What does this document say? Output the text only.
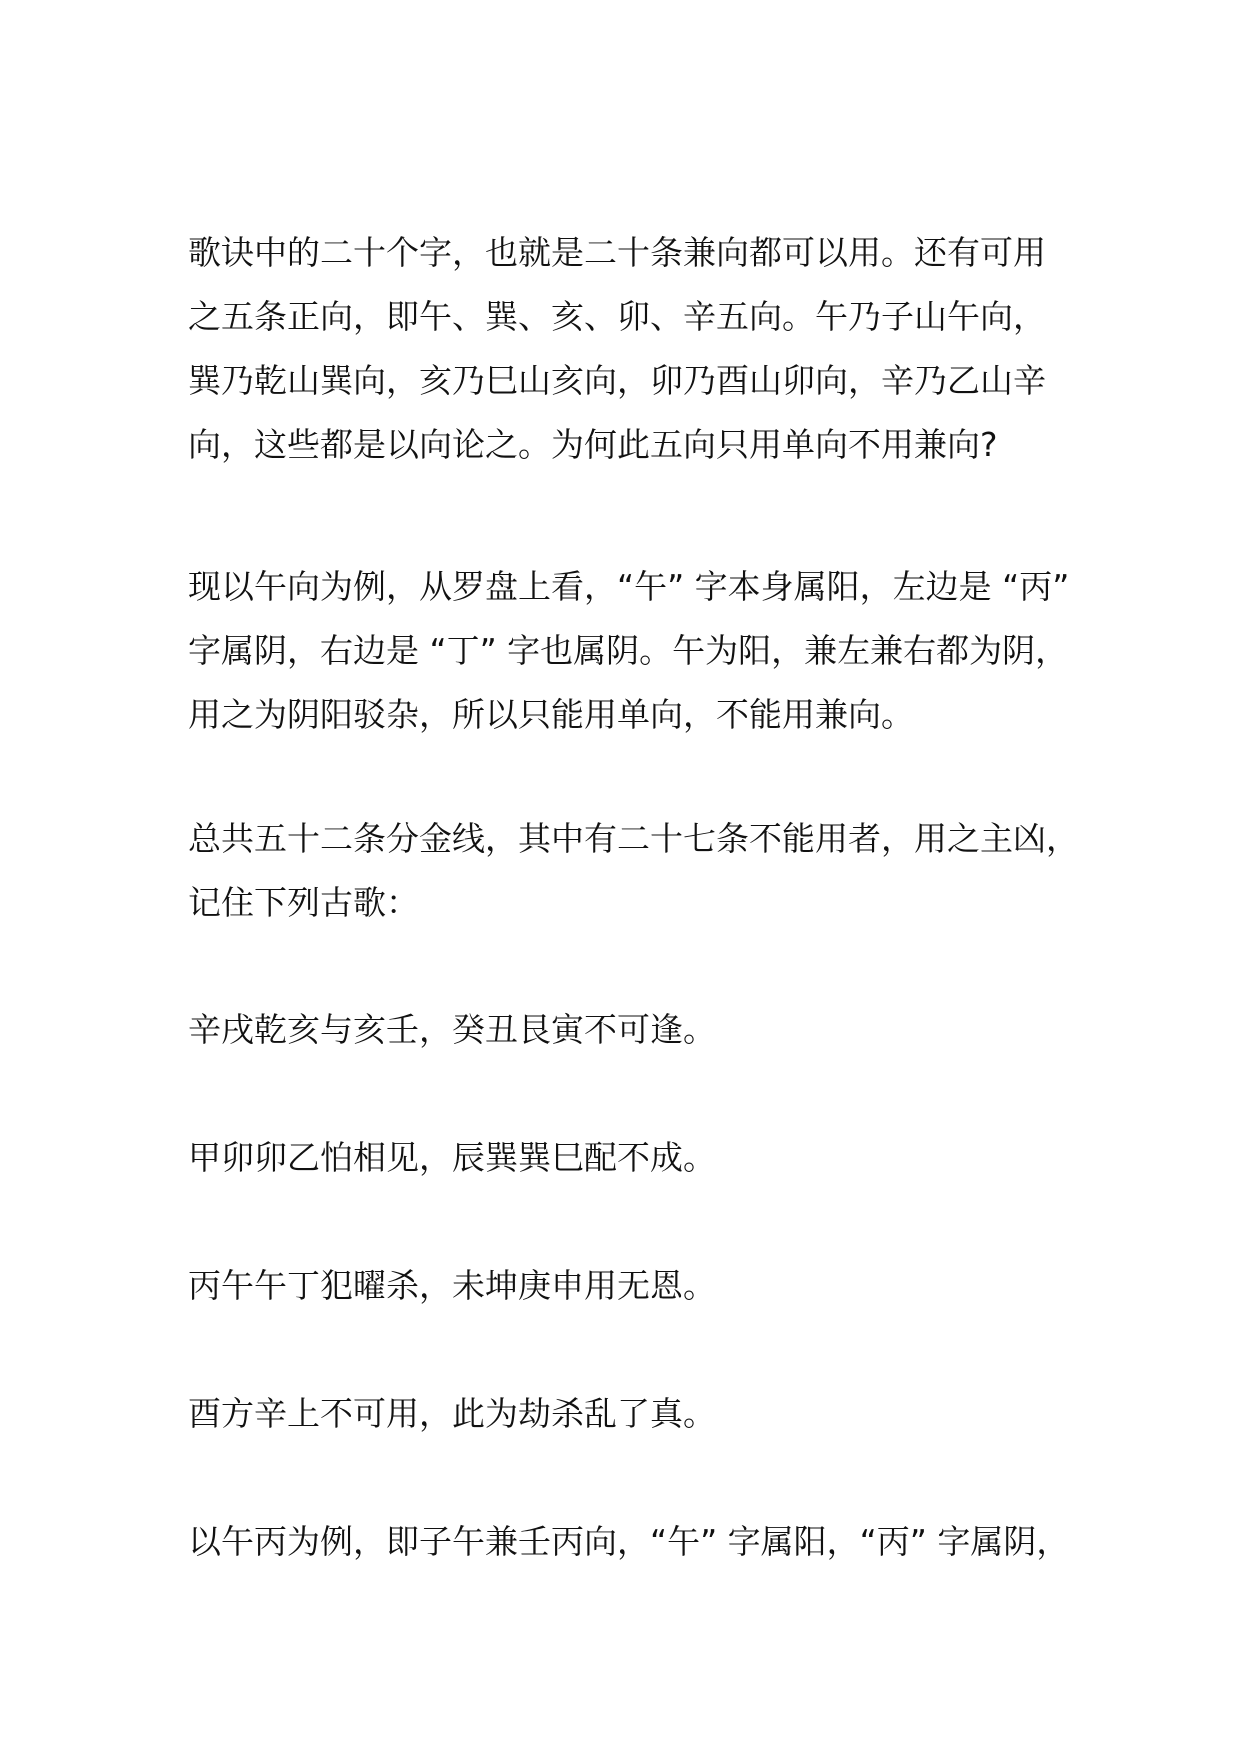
歌诀中的二十个字，也就是二十条兼向都可以用。还有可用
之五条正向，即午、巽、亥、卯、辛五向。午乃子山午向，
巽乃乾山巽向，亥乃巳山亥向，卯乃酉山卯向，辛乃乙山辛
向，这些都是以向论之。为何此五向只用单向不用兼向?
现以午向为例，从罗盘上看，“午” 字本身属阳，左边是 “丙”
字属阴，右边是 “丁” 字也属阴。午为阳，兼左兼右都为阴，
用之为阴阳驳杂，所以只能用单向，不能用兼向。
总共五十二条分金线，其中有二十七条不能用者，用之主凶，
记住下列古歌：
辛戌乾亥与亥壬，癸丑艮寅不可逢。
甲卯卯乙怕相见，辰巽巽巳配不成。
丙午午丁犯曜杀，未坤庚申用无恩。
酉方辛上不可用，此为劫杀乱了真。
以午丙为例，即子午兼壬丙向，“午” 字属阳，“丙” 字属阴，
